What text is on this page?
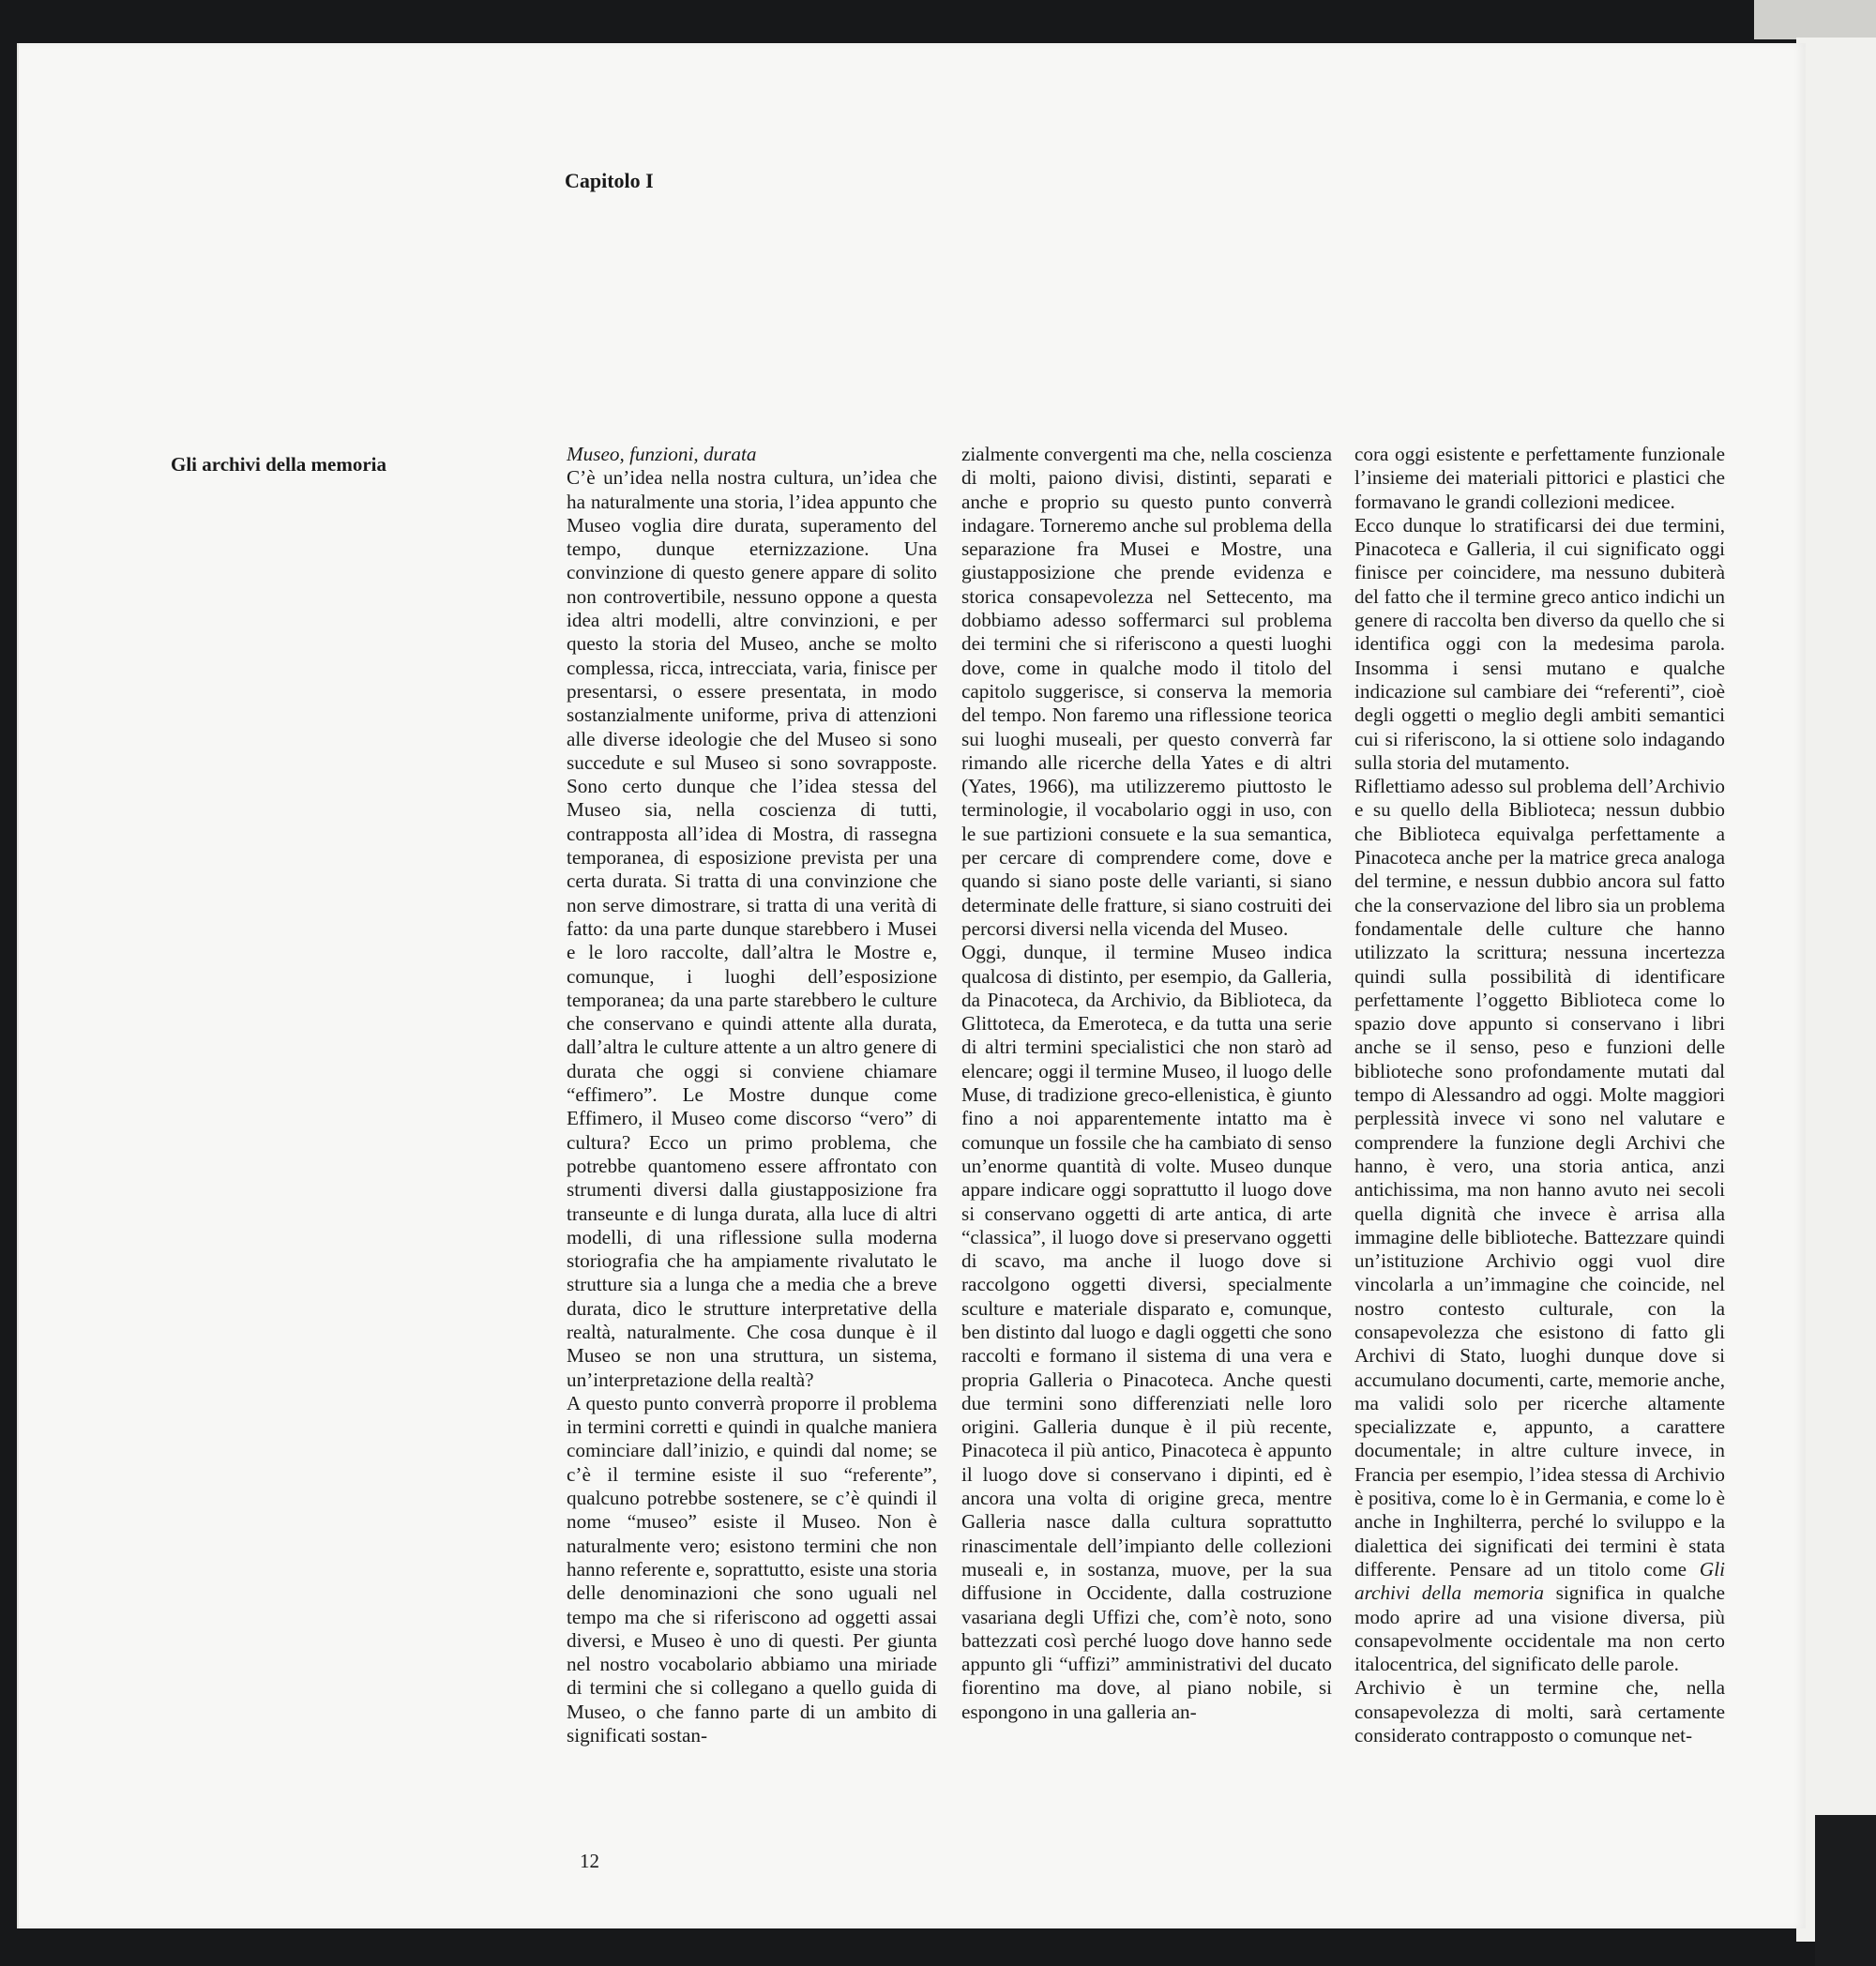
Capitolo I
Gli archivi della memoria	Museo, funzioni, durata

C’è un’idea nella nostra cultura, un’idea che ha naturalmente una storia, l’idea appunto che Museo voglia dire durata, superamento del tempo, dunque eternizzazione. Una convinzione di questo genere appare di solito non controvertibile, nessuno oppone a questa idea altri modelli, altre convinzioni, e per questo la storia del Museo, anche se molto complessa, ricca, intrecciata, varia, finisce per presentarsi, o essere presentata, in modo sostanzialmente uniforme, priva di attenzioni alle diverse ideologie che del Museo si sono succedute e sul Museo si sono sovrapposte. Sono certo dunque che l’idea stessa del Museo sia, nella coscienza di tutti, contrapposta all’idea di Mostra, di rassegna temporanea, di esposizione prevista per una certa durata. Si tratta di una convinzione che non serve dimostrare, si tratta di una verità di fatto: da una parte dunque starebbero i Musei e le loro raccolte, dall’altra le Mostre e, comunque, i luoghi dell’esposizione temporanea; da una parte starebbero le culture che conservano e quindi attente alla durata, dall’altra le culture attente a un altro genere di durata che oggi si conviene chiamare “effimero”. Le Mostre dunque come Effimero, il Museo come discorso “vero” di cultura? Ecco un primo problema, che potrebbe quantomeno essere affrontato con strumenti diversi dalla giustapposizione fra transeunte e di lunga durata, alla luce di altri modelli, di una riflessione sulla moderna storiografia che ha ampiamente rivalutato le strutture sia a lunga che a media che a breve durata, dico le strutture interpretative della realtà, naturalmente. Che cosa dunque è il Museo se non una struttura, un sistema, un’interpretazione della realtà?

A questo punto converrà proporre il problema in termini corretti e quindi in qualche maniera cominciare dall’inizio, e quindi dal nome; se c’è il termine esiste il suo “referente”, qualcuno potrebbe sostenere, se c’è quindi il nome “museo” esiste il Museo. Non è naturalmente vero; esistono termini che non hanno referente e, soprattutto, esiste una storia delle denominazioni che sono uguali nel tempo ma che si riferiscono ad oggetti assai diversi, e Museo è uno di questi. Per giunta nel nostro vocabolario abbiamo una miriade di termini che si collegano a quello guida di Museo, o che fanno parte di un ambito di significati sostan-

zialmente convergenti ma che, nella coscienza di molti, paiono divisi, distinti, separati e anche e proprio su questo punto converrà indagare. Torneremo anche sul problema della separazione fra Musei e Mostre, una giustapposizione che prende evidenza e storica consapevolezza nel Settecento, ma dobbiamo adesso soffermarci sul problema dei termini che si riferiscono a questi luoghi dove, come in qualche modo il titolo del capitolo suggerisce, si conserva la memoria del tempo. Non faremo una riflessione teorica sui luoghi museali, per questo converrà far rimando alle ricerche della Yates e di altri (Yates, 1966), ma utilizzeremo piuttosto le terminologie, il vocabolario oggi in uso, con le sue partizioni consuete e la sua semantica, per cercare di comprendere come, dove e quando si siano poste delle varianti, si siano determinate delle fratture, si siano costruiti dei percorsi diversi nella vicenda del Museo.

Oggi, dunque, il termine Museo indica qualcosa di distinto, per esempio, da Galleria, da Pinacoteca, da Archivio, da Biblioteca, da Glittoteca, da Emeroteca, e da tutta una serie di altri termini specialistici che non starò ad elencare; oggi il termine Museo, il luogo delle Muse, di tradizione greco-ellenistica, è giunto fino a noi apparentemente intatto ma è comunque un fossile che ha cambiato di senso un’enorme quantità di volte. Museo dunque appare indicare oggi soprattutto il luogo dove si conservano oggetti di arte antica, di arte “classica”, il luogo dove si preservano oggetti di scavo, ma anche il luogo dove si raccolgono oggetti diversi, specialmente sculture e materiale disparato e, comunque, ben distinto dal luogo e dagli oggetti che sono raccolti e formano il sistema di una vera e propria Galleria o Pinacoteca. Anche questi due termini sono differenziati nelle loro origini. Galleria dunque è il più recente, Pinacoteca il più antico, Pinacoteca è appunto il luogo dove si conservano i dipinti, ed è ancora una volta di origine greca, mentre Galleria nasce dalla cultura soprattutto rinascimentale dell’impianto delle collezioni museali e, in sostanza, muove, per la sua diffusione in Occidente, dalla costruzione vasariana degli Uffizi che, com’è noto, sono battezzati così perché luogo dove hanno sede appunto gli “uffizi” amministrativi del ducato fiorentino ma dove, al piano nobile, si espongono in una galleria an-

cora oggi esistente e perfettamente funzionale l’insieme dei materiali pittorici e plastici che formavano le grandi collezioni medicee.

Ecco dunque lo stratificarsi dei due termini, Pinacoteca e Galleria, il cui significato oggi finisce per coincidere, ma nessuno dubiterà del fatto che il termine greco antico indichi un genere di raccolta ben diverso da quello che si identifica oggi con la medesima parola. Insomma i sensi mutano e qualche indicazione sul cambiare dei “referenti”, cioè degli oggetti o meglio degli ambiti semantici cui si riferiscono, la si ottiene solo indagando sulla storia del mutamento.

Riflettiamo adesso sul problema dell’Archivio e su quello della Biblioteca; nessun dubbio che Biblioteca equivalga perfettamente a Pinacoteca anche per la matrice greca analoga del termine, e nessun dubbio ancora sul fatto che la conservazione del libro sia un problema fondamentale delle culture che hanno utilizzato la scrittura; nessuna incertezza quindi sulla possibilità di identificare perfettamente l’oggetto Biblioteca come lo spazio dove appunto si conservano i libri anche se il senso, peso e funzioni delle biblioteche sono profondamente mutati dal tempo di Alessandro ad oggi. Molte maggiori perplessità invece vi sono nel valutare e comprendere la funzione degli Archivi che hanno, è vero, una storia antica, anzi antichissima, ma non hanno avuto nei secoli quella dignità che invece è arrisa alla immagine delle biblioteche. Battezzare quindi un’istituzione Archivio oggi vuol dire vincolarla a un’immagine che coincide, nel nostro contesto culturale, con la consapevolezza che esistono di fatto gli Archivi di Stato, luoghi dunque dove si accumulano documenti, carte, memorie anche, ma validi solo per ricerche altamente specializzate e, appunto, a carattere documentale; in altre culture invece, in Francia per esempio, l’idea stessa di Archivio è positiva, come lo è in Germania, e come lo è anche in Inghilterra, perché lo sviluppo e la dialettica dei significati dei termini è stata differente. Pensare ad un titolo come Gli archivi della memoria significa in qualche modo aprire ad una visione diversa, più consapevolmente occidentale ma non certo italocentrica, del significato delle parole.

Archivio è un termine che, nella consapevolezza di molti, sarà certamente considerato contrapposto o comunque net-

12
